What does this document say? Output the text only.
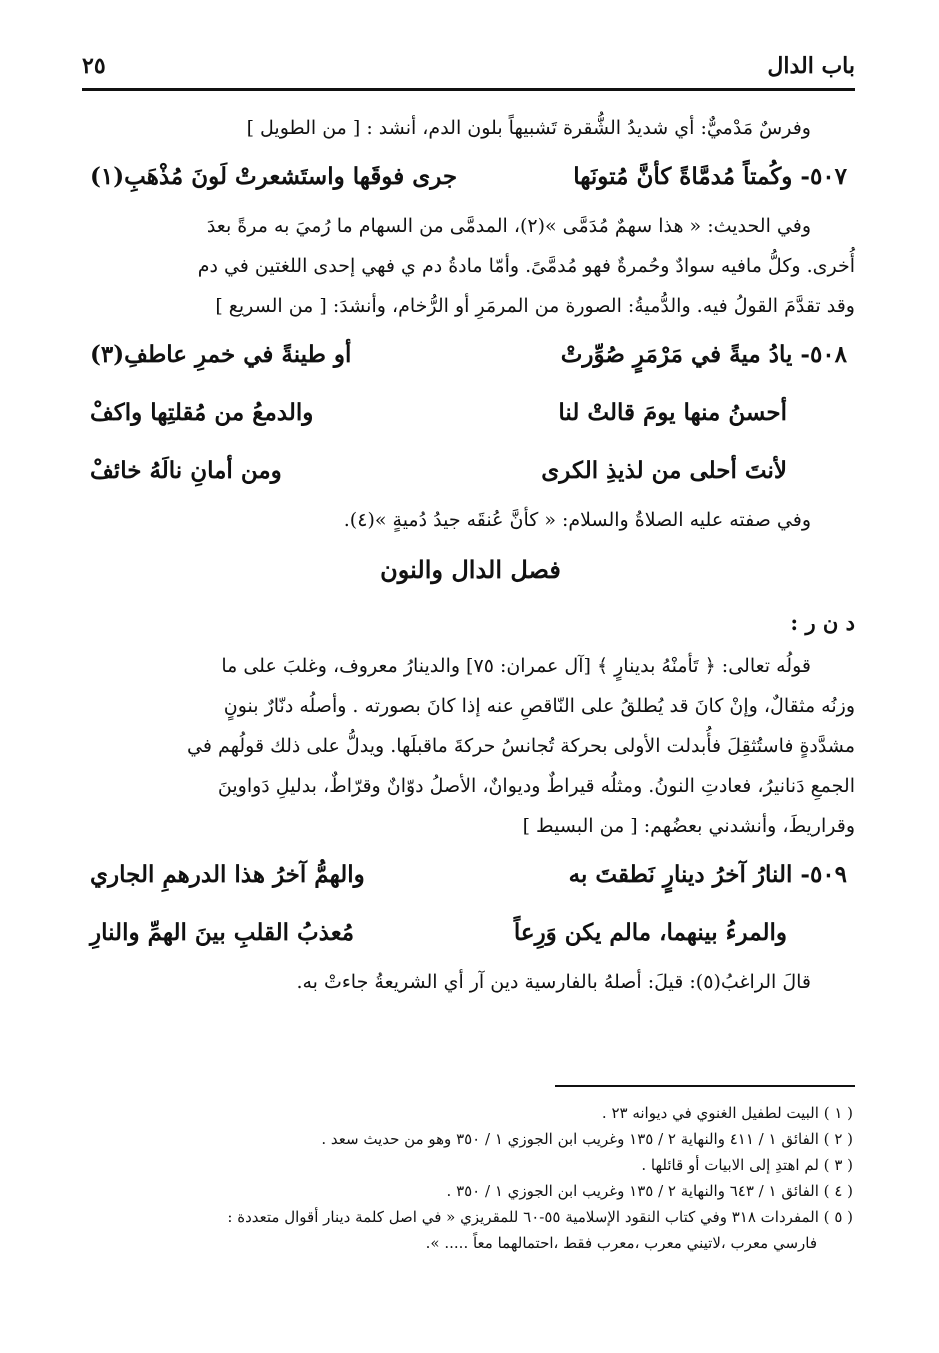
باب الدال
٢٥

وفرسٌ مَدْميٌّ: أي شديدُ الشُّقرة تَشبيهاً بلون الدم، أنشد : [ من الطويل ]

٥٠٧- وكُمتاً مُدمَّاةً كأنَّ مُتونَها
جرى فوقَها واستَشعرتْ لَونَ مُذْهَبِ(١)

وفي الحديث: « هذا سهمٌ مُدَمَّى »(٢)، المدمَّى من السهام ما رُميَ به مرةً بعدَ

أُخرى. وكلُّ مافيه سوادٌ وحُمرةٌ فهو مُدمَّىً. وأمّا مادةُ دم ي فهي إحدى اللغتين في دم

وقد تقدَّمَ القولُ فيه. والدُّميةُ: الصورة من المرمَرِ أو الرُّخام، وأنشدَ: [ من السريع ]

٥٠٨- يادُ ميةً في مَرْمَرٍ صُوِّرتْ
أو طينةً في خمرِ عاطفِ(٣)
أحسنُ منها يومَ قالتْ لنا
والدمعُ من مُقلتِها واكفْ
لأنتَ أحلى من لذيذِ الكرى
ومن أمانِ نالَهُ خائفْ

وفي صفته عليه الصلاةُ والسلام: « كأنَّ عُنقَه جيدُ دُميةٍ »(٤).

فصل الدال والنون

د ن ر :

قولُه تعالى: ﴿ تَأمنْهُ بدينارٍ ﴾ [آل عمران: ٧٥] والدينارُ معروف، وغلبَ على ما

وزنُه مثقالٌ، وإنْ كانَ قد يُطلقُ على النّاقصِ عنه إذا كانَ بصورته . وأصلُه دنّارٌ بنونٍ

مشدَّدةٍ فاستُثقِلَ فأُبدلت الأولى بحركة تُجانسُ حركةَ ماقبلَها. ويدلُّ على ذلك قولُهم في

الجمعِ دَنانيرُ، فعادتِ النونُ. ومثلُه قيراطٌ وديوانٌ، الأصلُ دوّانٌ وقرّاطٌ، بدليلِ دَواوينَ

وقراريطَ، وأنشدني بعضُهم: [ من البسيط ]

٥٠٩- النارُ آخرُ دينارٍ نَطقتَ به
والهمُّ آخرُ هذا الدرهمِ الجاري
والمرءُ بينهما، مالم يكن وَرِعاً
مُعذبُ القلبِ بينَ الهمِّ والنارِ

قالَ الراغبُ(٥): قيلَ: أصلهُ بالفارسية دين آر أي الشريعةُ جاءتْ به.

( ١ ) البيت لطفيل الغنوي في ديوانه ٢٣ .

( ٢ ) الفائق ١ / ٤١١ والنهاية ٢ / ١٣٥ وغريب ابن الجوزي ١ / ٣٥٠ وهو من حديث سعد .

( ٣ ) لم اهتدِ إلى الابيات أو قائلها .

( ٤ ) الفائق ١ / ٦٤٣ والنهاية ٢ / ١٣٥ وغريب ابن الجوزي ١ / ٣٥٠ .

( ٥ ) المفردات ٣١٨ وفي كتاب النقود الإسلامية ٥٥-٦٠ للمقريزي « في اصل كلمة دينار أقوال متعددة :

فارسي معرب ،لاتيني معرب ،معرب فقط ،احتمالهما معاً ..... ».
